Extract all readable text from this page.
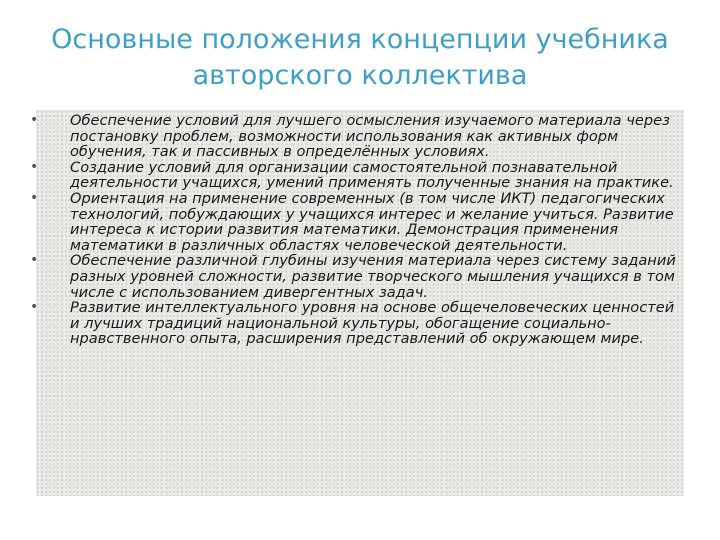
Основные положения концепции учебника авторского коллектива
• Обеспечение условий для лучшего осмысления изучаемого материала через постановку проблем, возможности использования как активных форм обучения, так и пассивных в определённых условиях.
• Создание условий для организации самостоятельной познавательной деятельности учащихся, умений применять полученные знания на практике.
• Ориентация на применение современных (в том числе ИКТ) педагогических технологий, побуждающих у учащихся интерес и желание учиться. Развитие интереса к истории развития математики. Демонстрация применения математики в различных областях человеческой деятельности.
• Обеспечение различной глубины изучения материала через систему заданий разных уровней сложности, развитие творческого мышления учащихся в том числе с использованием дивергентных задач.
• Развитие интеллектуального уровня на основе общечеловеческих ценностей и лучших традиций национальной культуры, обогащение социально-нравственного опыта, расширения представлений об окружающем мире.
